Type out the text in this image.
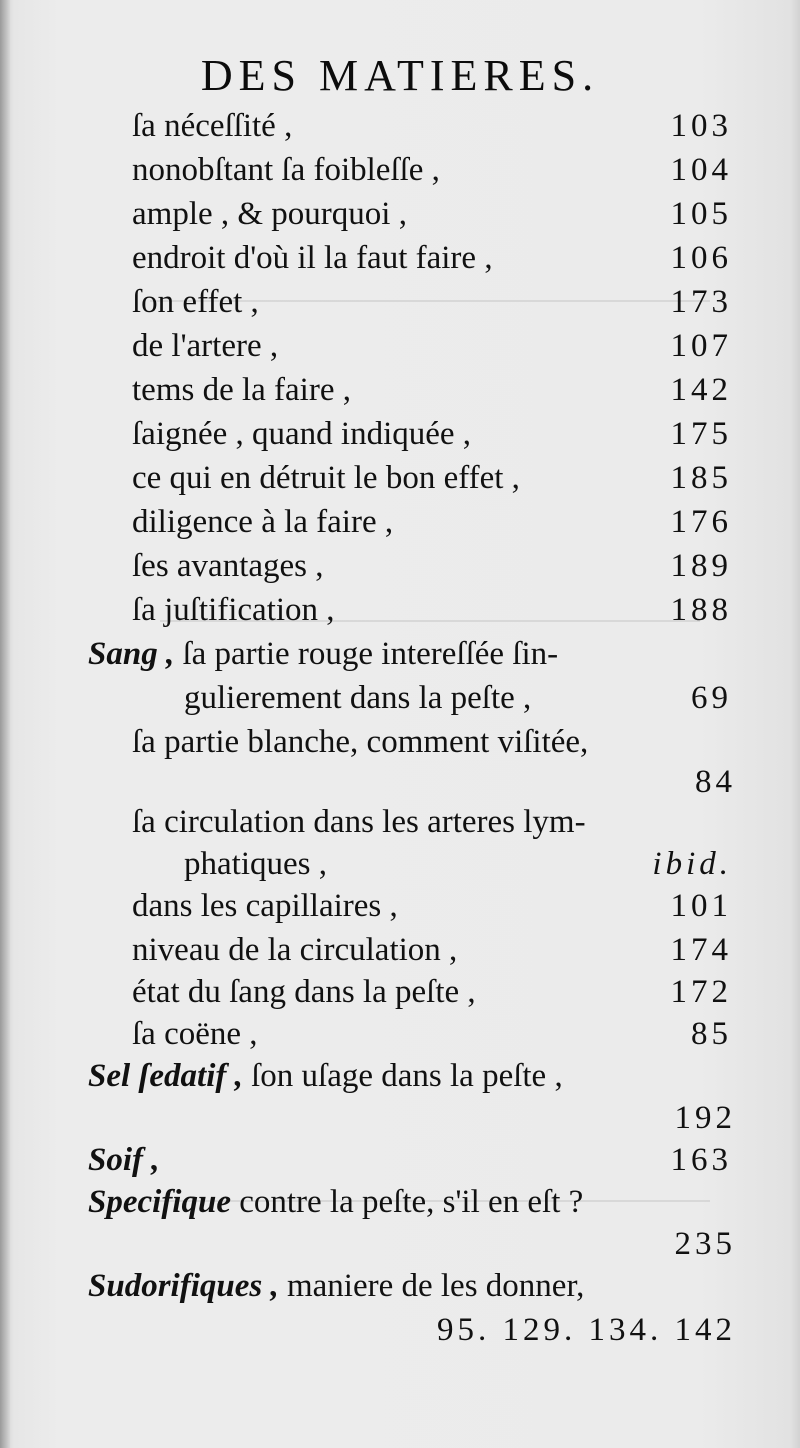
DES MATIERES.
ſa néceſſité ,	103
nonobſtant ſa foibleſſe ,	104
ample , & pourquoi ,	105
endroit d'où il la faut faire ,	106
ſon effet ,	173
de l'artere ,	107
tems de la faire ,	142
ſaignée , quand indiquée ,	175
ce qui en détruit le bon effet ,	185
diligence à la faire ,	176
ſes avantages ,	189
ſa juſtification ,	188
Sang , ſa partie rouge intereſſée ſin-
gulierement dans la peſte ,	69
ſa partie blanche, comment viſitée,
84
ſa circulation dans les arteres lym-
phatiques ,	ibid.
dans les capillaires ,	101
niveau de la circulation ,	174
état du ſang dans la peſte ,	172
ſa coëne ,	85
Sel ſedatif , ſon uſage dans la peſte ,
192
Soif ,	163
Specifique contre la peſte, s'il en eſt ?
235
Sudorifiques , maniere de les donner,
95. 129. 134. 142
